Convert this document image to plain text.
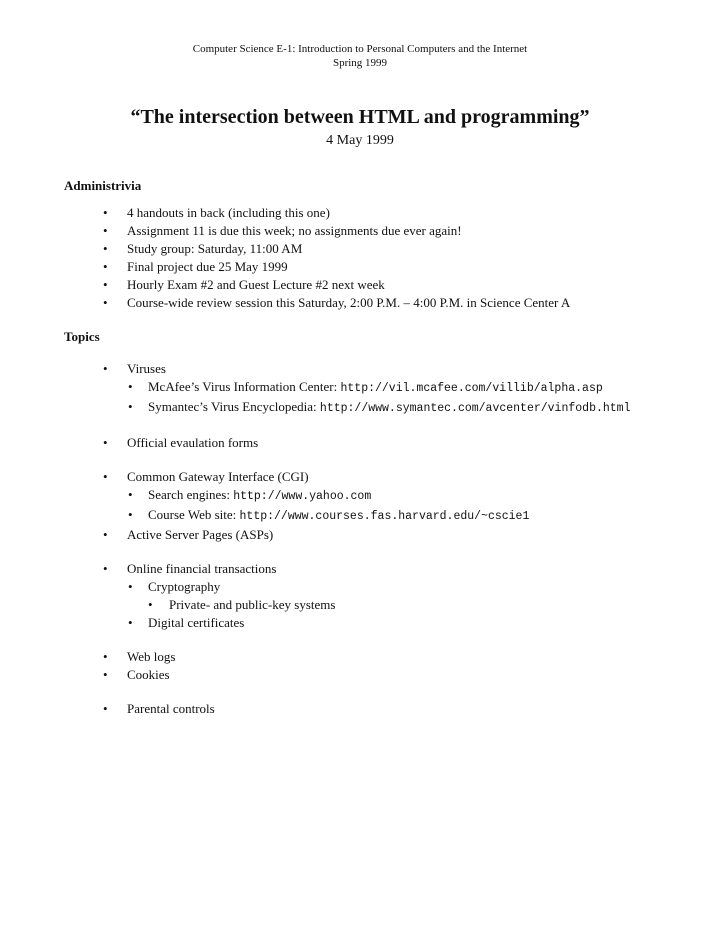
Computer Science E-1: Introduction to Personal Computers and the Internet
Spring 1999
“The intersection between HTML and programming”
4 May 1999
Administrivia
• 4 handouts in back (including this one)
• Assignment 11 is due this week; no assignments due ever again!
• Study group: Saturday, 11:00 AM
• Final project due 25 May 1999
• Hourly Exam #2 and Guest Lecture #2 next week
• Course-wide review session this Saturday, 2:00 P.M. – 4:00 P.M. in Science Center A
Topics
• Viruses
• McAfee’s Virus Information Center: http://vil.mcafee.com/villib/alpha.asp
• Symantec’s Virus Encyclopedia: http://www.symantec.com/avcenter/vinfodb.html
• Official evaulation forms
• Common Gateway Interface (CGI)
• Search engines: http://www.yahoo.com
• Course Web site: http://www.courses.fas.harvard.edu/~cscie1
• Active Server Pages (ASPs)
• Online financial transactions
• Cryptography
• Private- and public-key systems
• Digital certificates
• Web logs
• Cookies
• Parental controls
